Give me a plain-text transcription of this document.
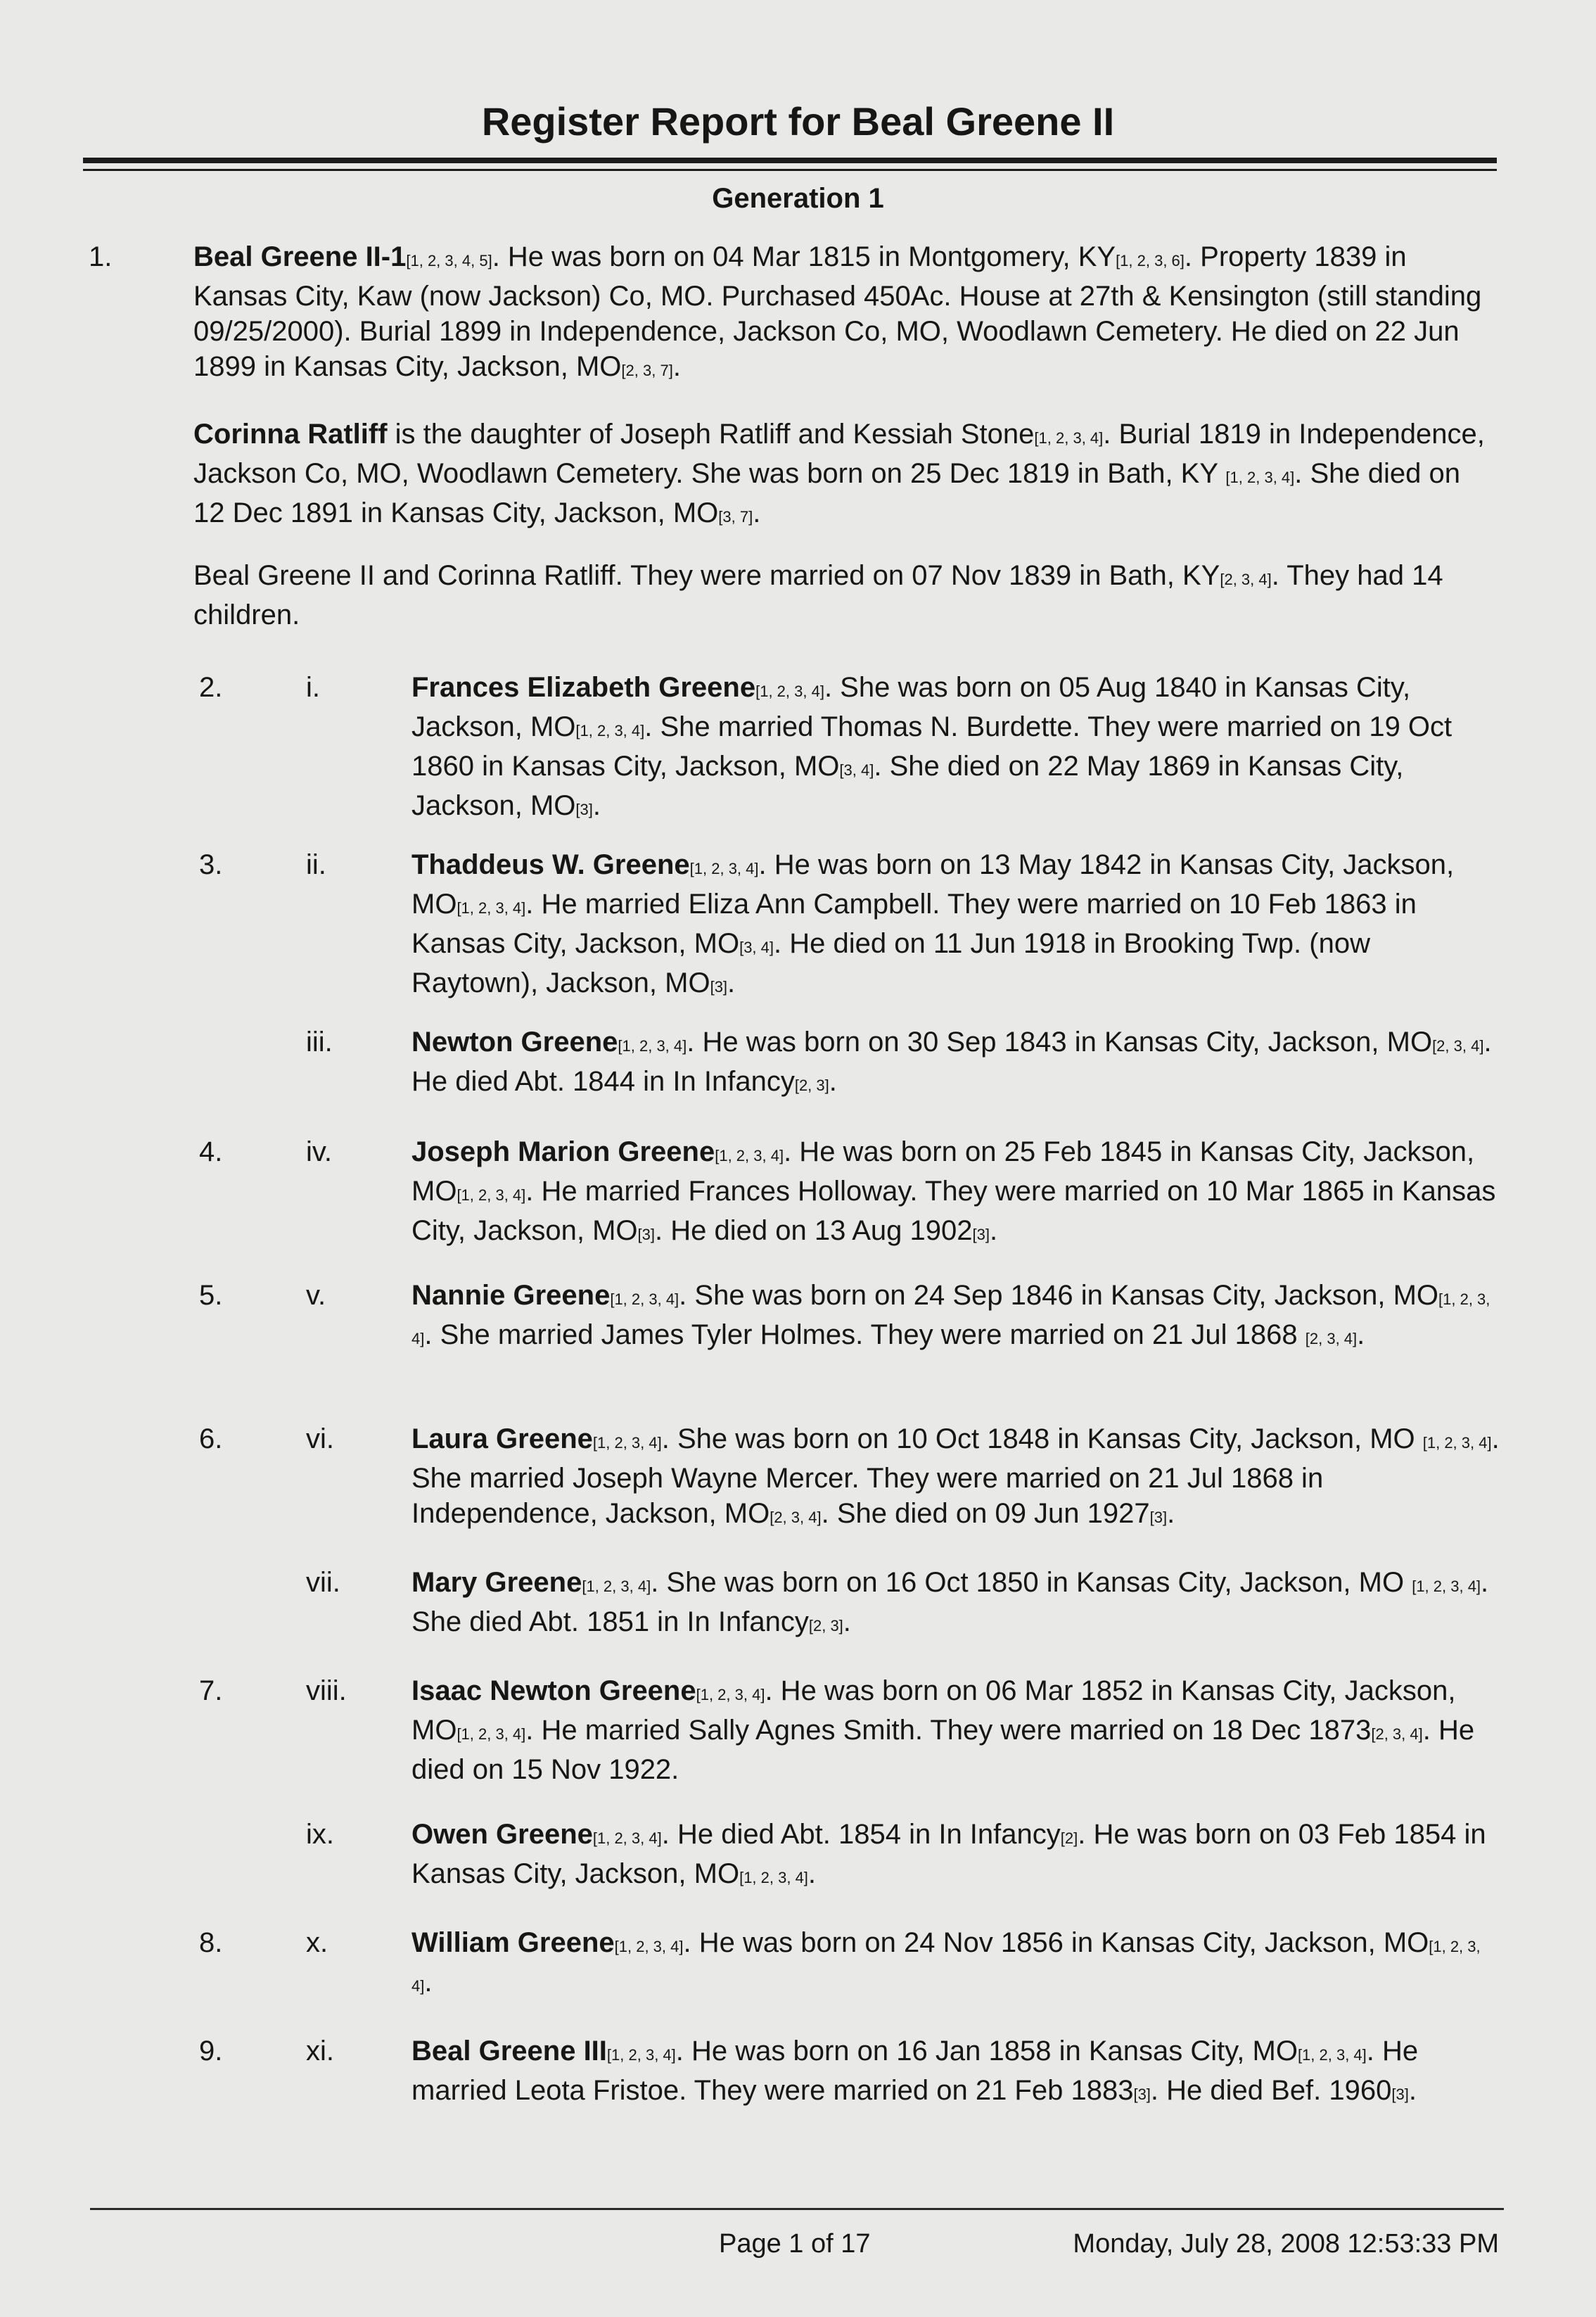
Register Report for Beal Greene II
Generation 1
1.	Beal Greene II-1[1, 2, 3, 4, 5]. He was born on 04 Mar 1815 in Montgomery, KY[1, 2, 3, 6]. Property 1839 in Kansas City, Kaw (now Jackson) Co, MO. Purchased 450Ac. House at 27th & Kensington (still standing 09/25/2000). Burial 1899 in Independence, Jackson Co, MO, Woodlawn Cemetery. He died on 22 Jun 1899 in Kansas City, Jackson, MO[2, 3, 7].

Corinna Ratliff is the daughter of Joseph Ratliff and Kessiah Stone[1, 2, 3, 4]. Burial 1819 in Independence, Jackson Co, MO, Woodlawn Cemetery. She was born on 25 Dec 1819 in Bath, KY [1, 2, 3, 4]. She died on 12 Dec 1891 in Kansas City, Jackson, MO[3, 7].

Beal Greene II and Corinna Ratliff. They were married on 07 Nov 1839 in Bath, KY[2, 3, 4]. They had 14 children.

2.	i.	Frances Elizabeth Greene[1, 2, 3, 4]. She was born on 05 Aug 1840 in Kansas City, Jackson, MO[1, 2, 3, 4]. She married Thomas N. Burdette. They were married on 19 Oct 1860 in Kansas City, Jackson, MO[3, 4]. She died on 22 May 1869 in Kansas City, Jackson, MO[3].

3.	ii.	Thaddeus W. Greene[1, 2, 3, 4]. He was born on 13 May 1842 in Kansas City, Jackson, MO[1, 2, 3, 4]. He married Eliza Ann Campbell. They were married on 10 Feb 1863 in Kansas City, Jackson, MO[3, 4]. He died on 11 Jun 1918 in Brooking Twp. (now Raytown), Jackson, MO[3].

iii.	Newton Greene[1, 2, 3, 4]. He was born on 30 Sep 1843 in Kansas City, Jackson, MO[2, 3, 4]. He died Abt. 1844 in In Infancy[2, 3].

4.	iv.	Joseph Marion Greene[1, 2, 3, 4]. He was born on 25 Feb 1845 in Kansas City, Jackson, MO[1, 2, 3, 4]. He married Frances Holloway. They were married on 10 Mar 1865 in Kansas City, Jackson, MO[3]. He died on 13 Aug 1902[3].

5.	v.	Nannie Greene[1, 2, 3, 4]. She was born on 24 Sep 1846 in Kansas City, Jackson, MO[1, 2, 3, 4]. She married James Tyler Holmes. They were married on 21 Jul 1868 [2, 3, 4].

6.	vi.	Laura Greene[1, 2, 3, 4]. She was born on 10 Oct 1848 in Kansas City, Jackson, MO [1, 2, 3, 4]. She married Joseph Wayne Mercer. They were married on 21 Jul 1868 in Independence, Jackson, MO[2, 3, 4]. She died on 09 Jun 1927[3].

vii.	Mary Greene[1, 2, 3, 4]. She was born on 16 Oct 1850 in Kansas City, Jackson, MO [1, 2, 3, 4]. She died Abt. 1851 in In Infancy[2, 3].

7.	viii. Isaac Newton Greene[1, 2, 3, 4]. He was born on 06 Mar 1852 in Kansas City, Jackson, MO[1, 2, 3, 4]. He married Sally Agnes Smith. They were married on 18 Dec 1873[2, 3, 4]. He died on 15 Nov 1922.

ix.	Owen Greene[1, 2, 3, 4]. He died Abt. 1854 in In Infancy[2]. He was born on 03 Feb 1854 in Kansas City, Jackson, MO[1, 2, 3, 4].

8.	x.	William Greene[1, 2, 3, 4]. He was born on 24 Nov 1856 in Kansas City, Jackson, MO[1, 2, 3, 4].

9.	xi.	Beal Greene III[1, 2, 3, 4]. He was born on 16 Jan 1858 in Kansas City, MO[1, 2, 3, 4]. He married Leota Fristoe. They were married on 21 Feb 1883[3]. He died Bef. 1960[3].

Page 1 of 17	Monday, July 28, 2008 12:53:33 PM
